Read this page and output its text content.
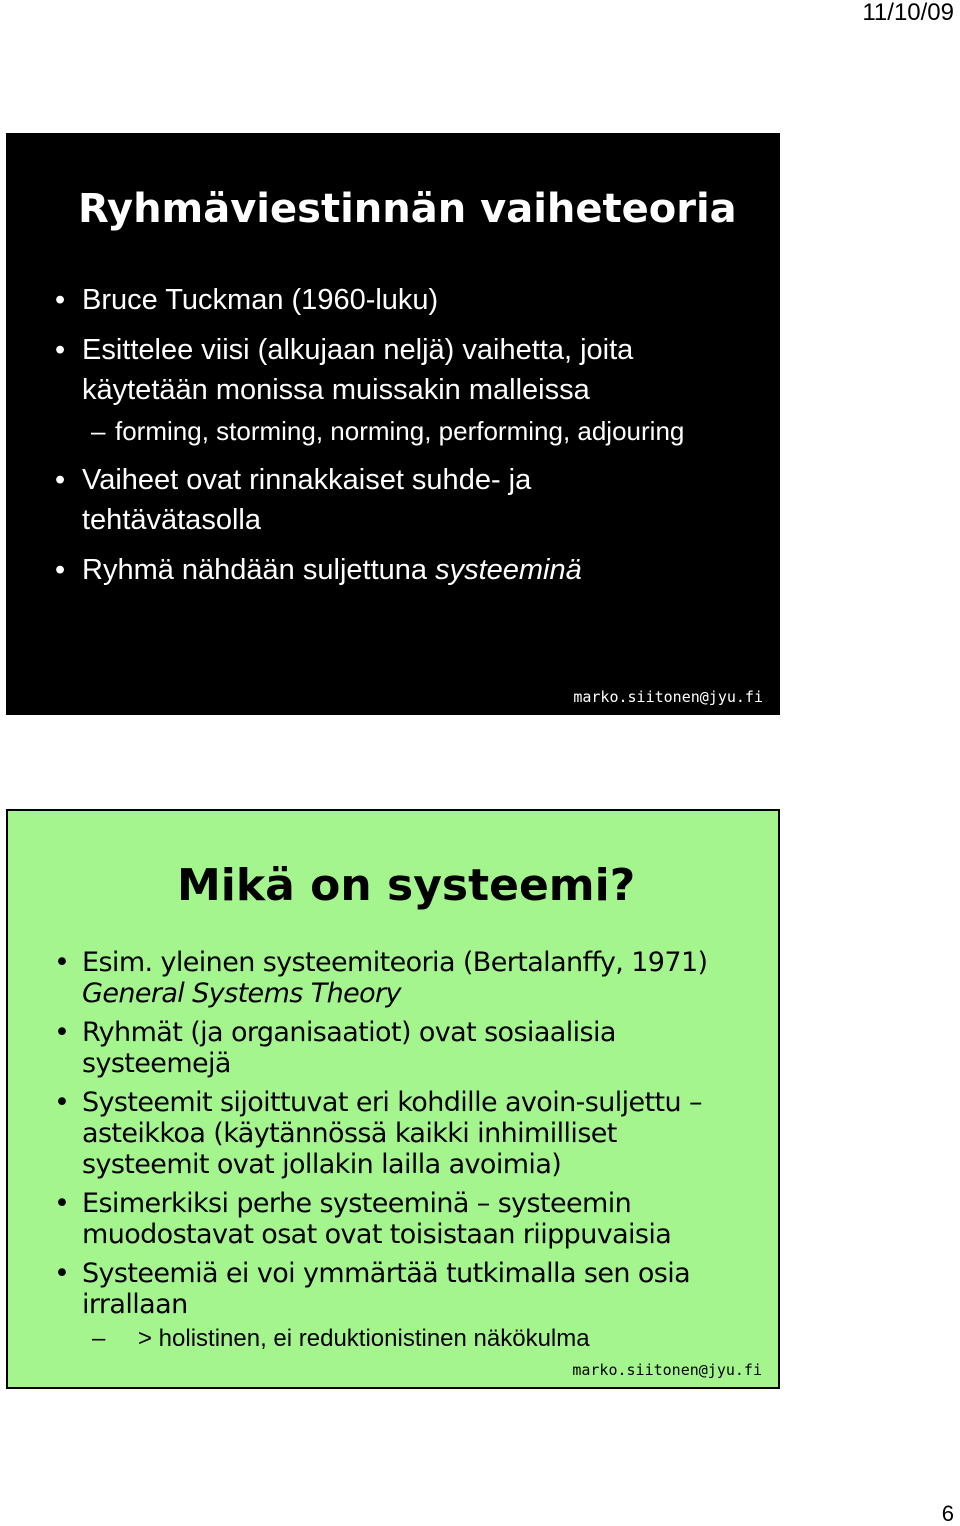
11/10/09
Ryhmäviestinnän vaiheteoria
• Bruce Tuckman (1960-luku)
• Esittelee viisi (alkujaan neljä) vaihetta, joita
käytetään monissa muissakin malleissa
– forming, storming, norming, performing, adjouring
• Vaiheet ovat rinnakkaiset suhde- ja
tehtävätasolla
• Ryhmä nähdään suljettuna systeeminä
marko.siitonen@jyu.fi
Mikä on systeemi?
• Esim. yleinen systeemiteoria (Bertalanffy, 1971)
General Systems Theory
• Ryhmät (ja organisaatiot) ovat sosiaalisia
systeemejä
• Systeemit sijoittuvat eri kohdille avoin-suljettu –
asteikkoa (käytännössä kaikki inhimilliset
systeemit ovat jollakin lailla avoimia)
• Esimerkiksi perhe systeeminä – systeemin
muodostavat osat ovat toisistaan riippuvaisia
• Systeemiä ei voi ymmärtää tutkimalla sen osia
irrallaan
– > holistinen, ei reduktionistinen näkökulma
marko.siitonen@jyu.fi
6
